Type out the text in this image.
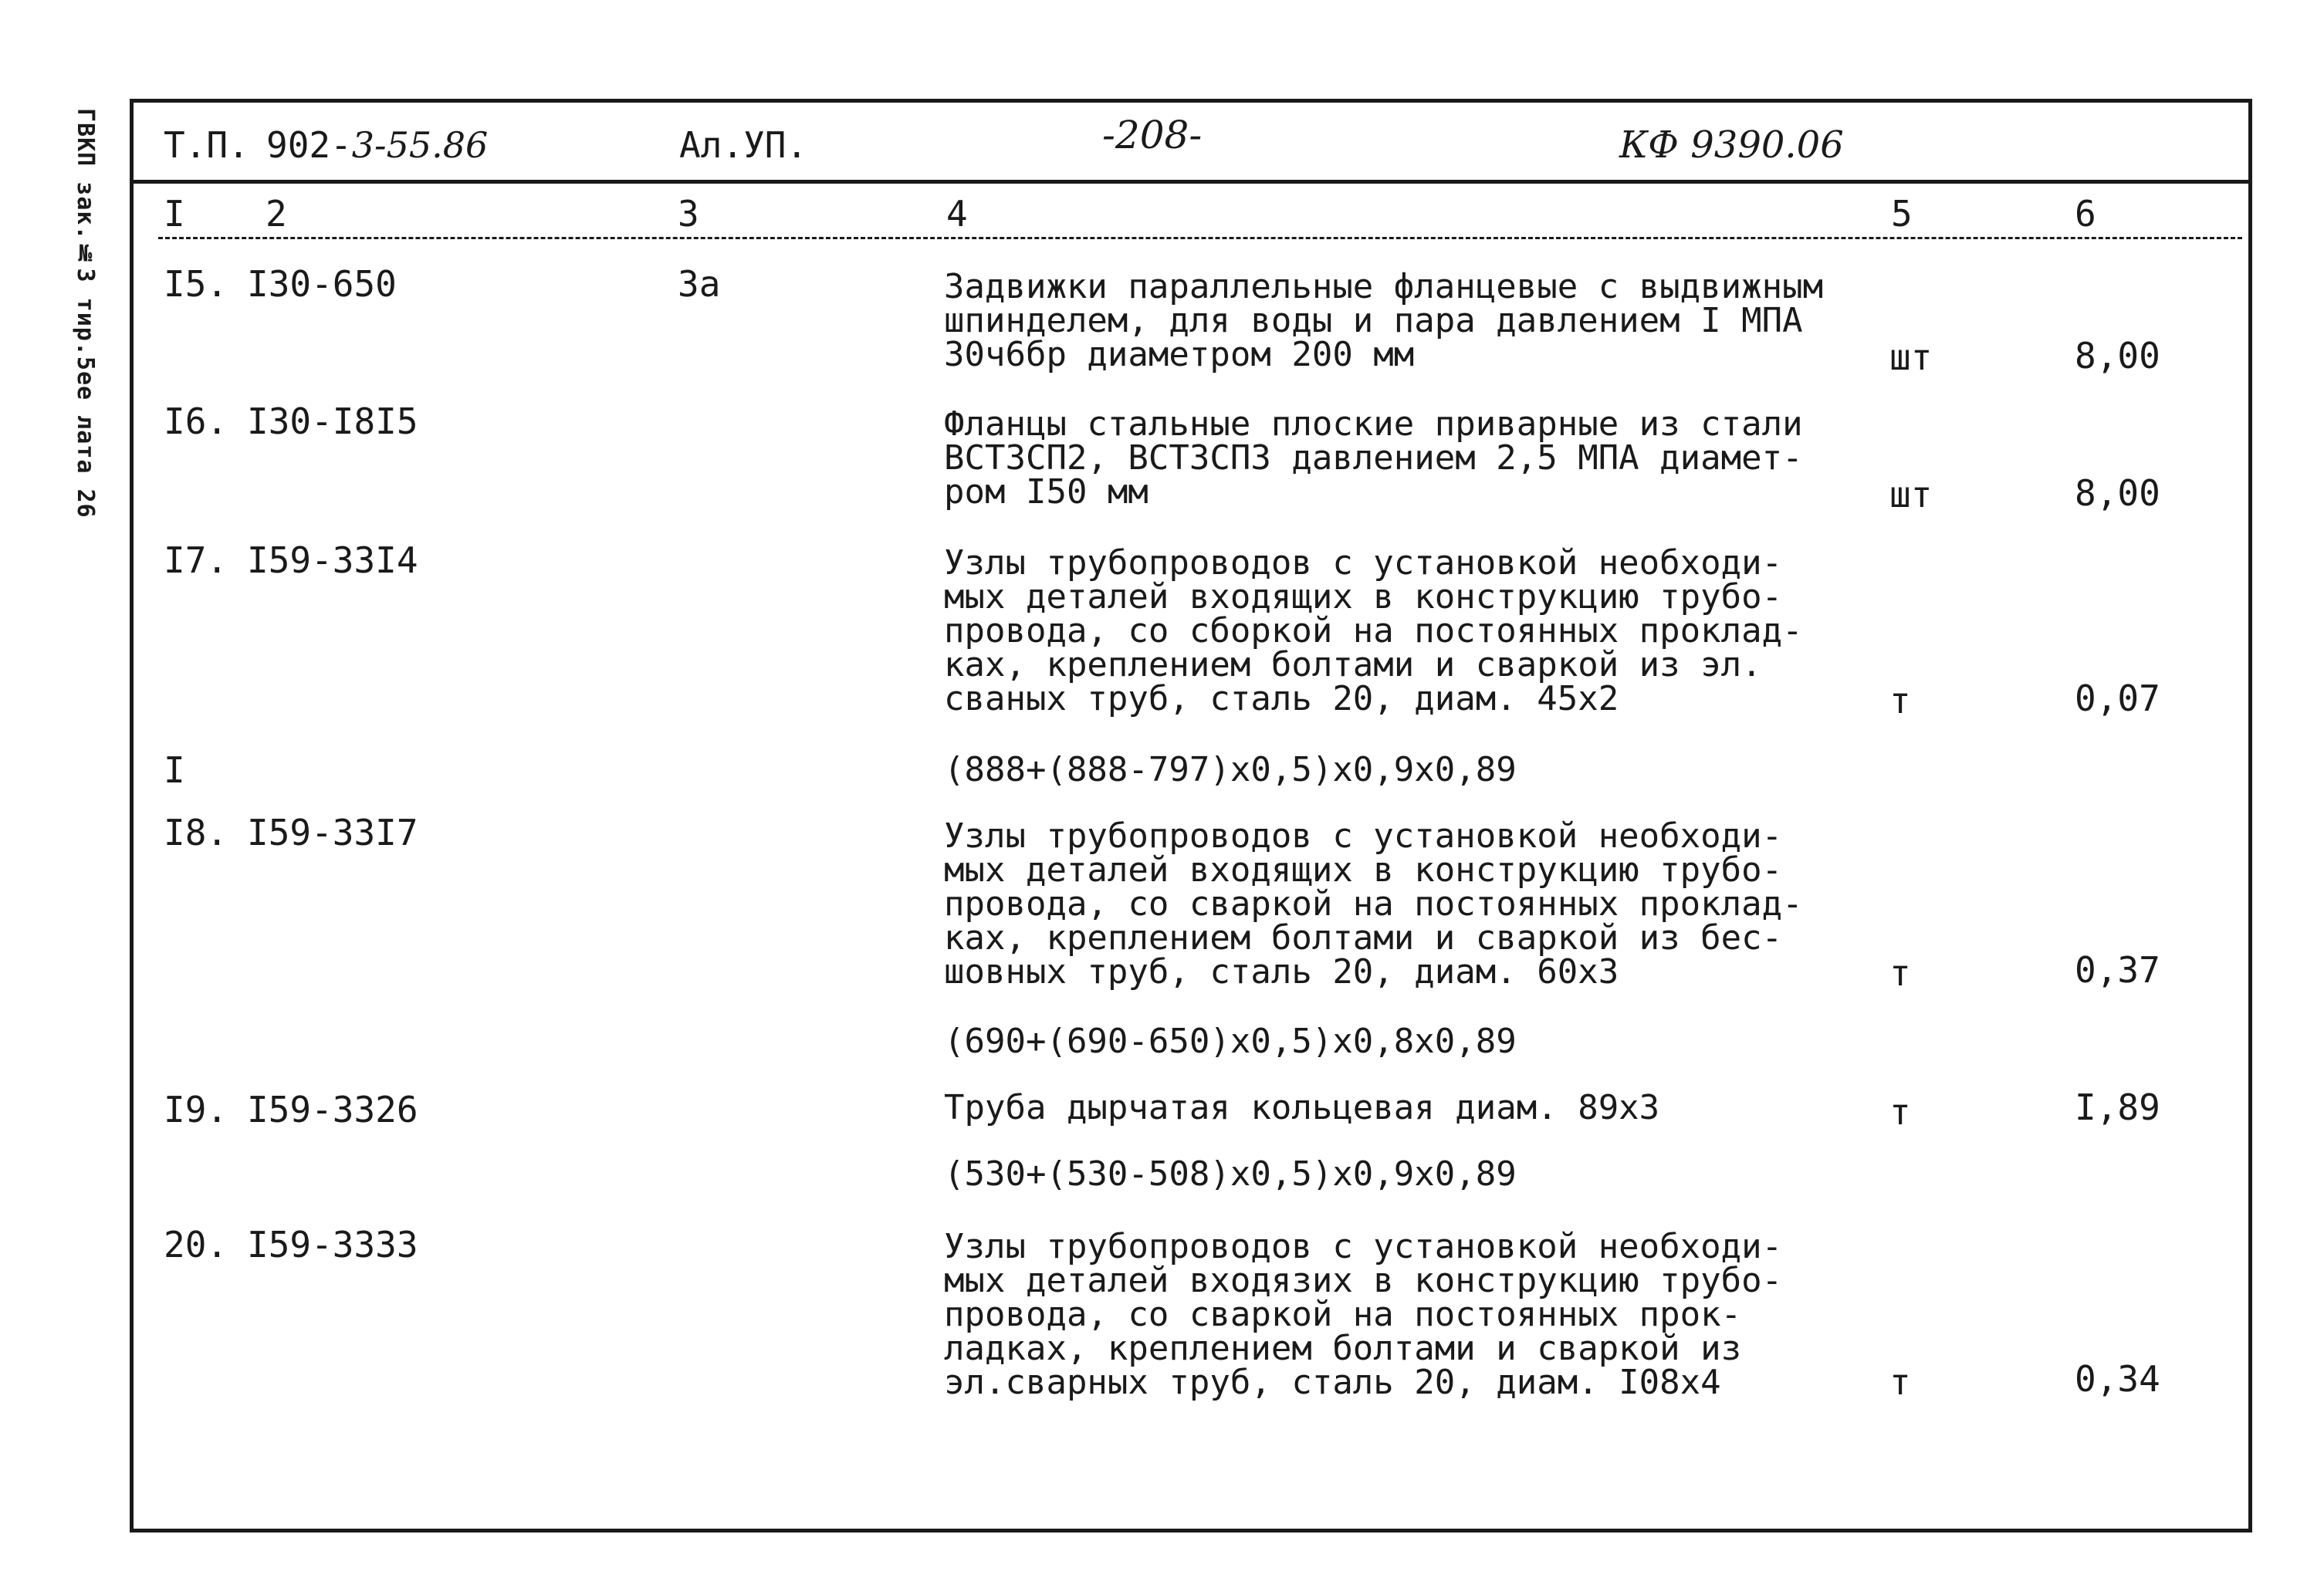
ГВКП зак.№3 тир.5ее лата 26 Т.П. 902-3-55.86	Ал.УП.	-208-	КФ 9390.06
I 2	3	4	5	6
I5. I30-650	3а	Задвижки параллельные фланцевые с выдвижным
шпинделем, для воды и пара давлением I МПА
30ч6бр диаметром 200 мм	шт	8,00
I6. I30-I8I5	Фланцы стальные плоские приварные из стали
ВСТ3СП2, ВСТ3СП3 давлением 2,5 МПА диамет-
ром I50 мм	шт	8,00
I7. I59-33I4	Узлы трубопроводов с установкой необходи-
мых деталей входящих в конструкцию трубо-
провода, со сборкой на постоянных проклад-
ках, креплением болтами и сваркой из эл.
сваных труб, сталь 20, диам. 45х2	т	0,07
I	(888+(888-797)х0,5)х0,9х0,89
I8. I59-33I7	Узлы трубопроводов с установкой необходи-
мых деталей входящих в конструкцию трубо-
провода, со сваркой на постоянных проклад-
ках, креплением болтами и сваркой из бес-
шовных труб, сталь 20, диам. 60х3	т	0,37
(690+(690-650)х0,5)х0,8х0,89
I9. I59-3326	Труба дырчатая кольцевая диам. 89х3	т	I,89
(530+(530-508)х0,5)х0,9х0,89
20. I59-3333	Узлы трубопроводов с установкой необходи-
мых деталей входязих в конструкцию трубо-
провода, со сваркой на постоянных прок-
ладках, креплением болтами и сваркой из
эл.сварных труб, сталь 20, диам. I08х4	т	0,34
